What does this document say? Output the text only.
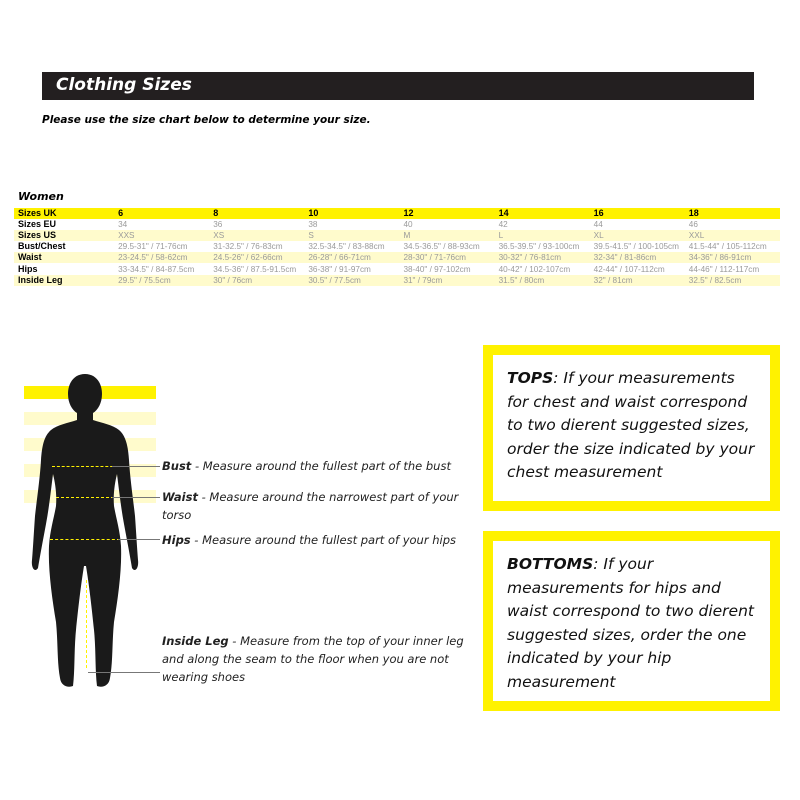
Clothing Sizes
Please use the size chart below to determine your size.
Women
Sizes UK	6	8	10	12	14	16	18
Sizes EU	34	36	38	40	42	44	46
Sizes US	XXS	XS	S	M	L	XL	XXL
Bust/Chest	29.5-31" / 71-76cm	31-32.5" / 76-83cm	32.5-34.5" / 83-88cm	34.5-36.5" / 88-93cm	36.5-39.5" / 93-100cm	39.5-41.5" / 100-105cm	41.5-44" / 105-112cm
Waist	23-24.5" / 58-62cm	24.5-26" / 62-66cm	26-28" / 66-71cm	28-30" / 71-76cm	30-32" / 76-81cm	32-34" / 81-86cm	34-36" / 86-91cm
Hips	33-34.5" / 84-87.5cm	34.5-36" / 87.5-91.5cm	36-38" / 91-97cm	38-40" / 97-102cm	40-42" / 102-107cm	42-44" / 107-112cm	44-46" / 112-117cm
Inside Leg	29.5" / 75.5cm	30" / 76cm	30.5" / 77.5cm	31" / 79cm	31.5" / 80cm	32" / 81cm	32.5" / 82.5cm
Bust - Measure around the fullest part of the bust
Waist - Measure around the narrowest part of your torso
Hips - Measure around the fullest part of your hips
Inside Leg - Measure from the top of your inner leg and along the seam to the floor when you are not wearing shoes
TOPS: If your measurements for chest and waist correspond to two dierent suggested sizes, order the size indicated by your chest measurement
BOTTOMS: If your measurements for hips and waist correspond to two dierent suggested sizes, order the one indicated by your hip measurement
